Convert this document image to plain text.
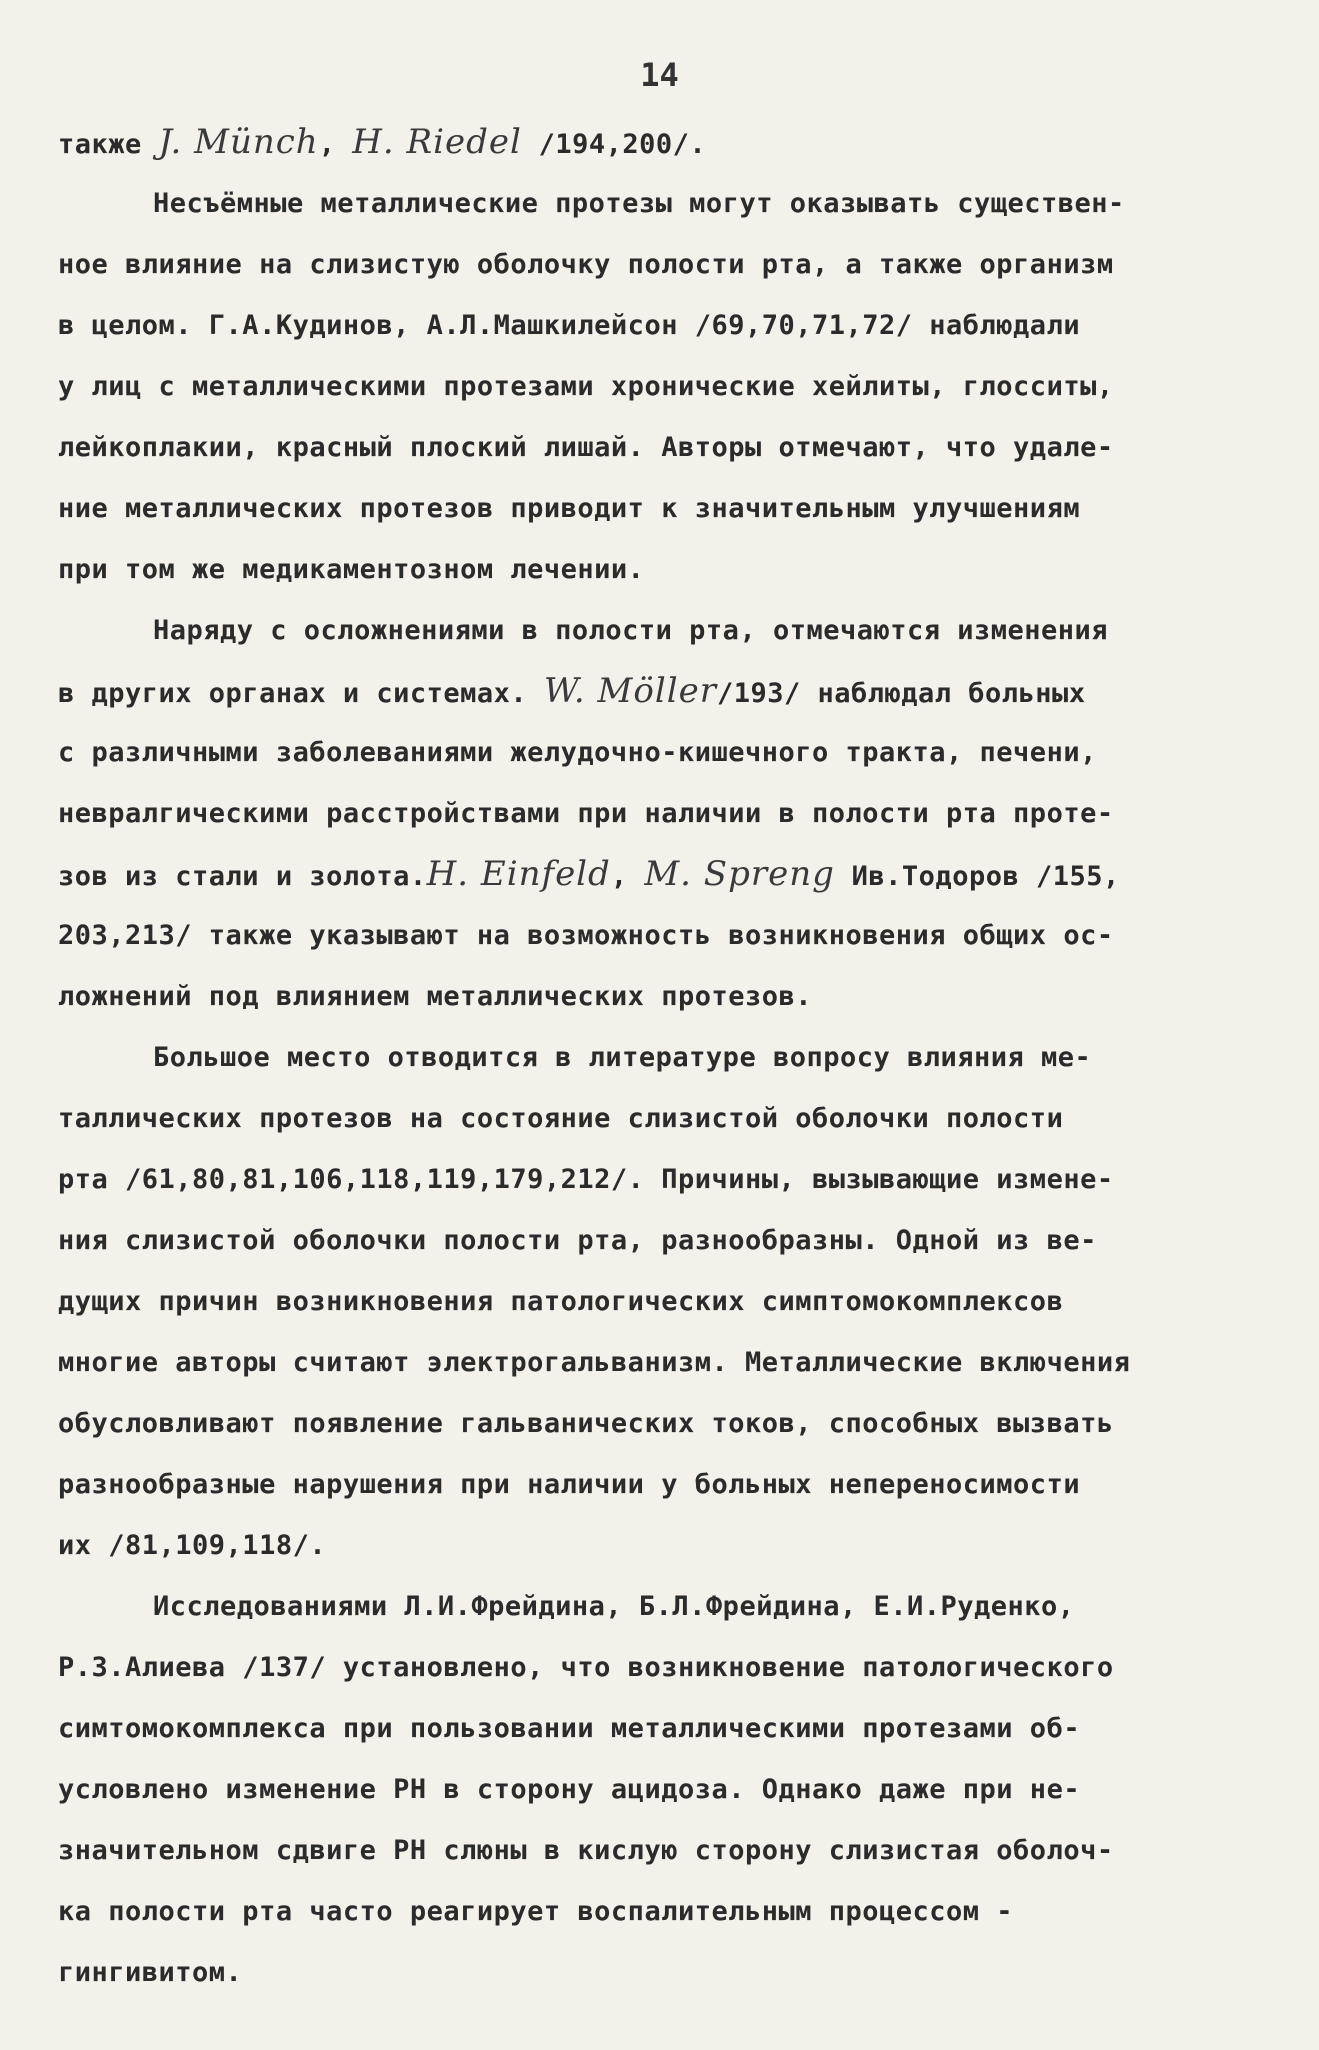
14
также J. Münch, H. Riedel /194,200/.
Несъёмные металлические протезы могут оказывать существен-
ное влияние на слизистую оболочку полости рта, а также организм
в целом. Г.А.Кудинов, А.Л.Машкилейсон /69,70,71,72/ наблюдали
у лиц с металлическими протезами хронические хейлиты, глосситы,
лейкоплакии, красный плоский лишай. Авторы отмечают, что удале-
ние металлических протезов приводит к значительным улучшениям
при том же медикаментозном лечении.
Наряду с осложнениями в полости рта, отмечаются изменения
в других органах и системах. W. Möller/193/ наблюдал больных
с различными заболеваниями желудочно-кишечного тракта, печени,
невралгическими расстройствами при наличии в полости рта проте-
зов из стали и золота.H. Einfeld, M. Spreng Ив.Тодоров /155,
203,213/ также указывают на возможность возникновения общих ос-
ложнений под влиянием металлических протезов.
Большое место отводится в литературе вопросу влияния ме-
таллических протезов на состояние слизистой оболочки полости
рта /61,80,81,106,118,119,179,212/. Причины, вызывающие измене-
ния слизистой оболочки полости рта, разнообразны. Одной из ве-
дущих причин возникновения патологических симптомокомплексов
многие авторы считают электрогальванизм. Металлические включения
обусловливают появление гальванических токов, способных вызвать
разнообразные нарушения при наличии у больных непереносимости
их /81,109,118/.
Исследованиями Л.И.Фрейдина, Б.Л.Фрейдина, Е.И.Руденко,
Р.З.Алиева /137/ установлено, что возникновение патологического
симтомокомплекса при пользовании металлическими протезами об-
условлено изменение РН в сторону ацидоза. Однако даже при не-
значительном сдвиге РН слюны в кислую сторону слизистая оболоч-
ка полости рта часто реагирует воспалительным процессом -
гингивитом.
